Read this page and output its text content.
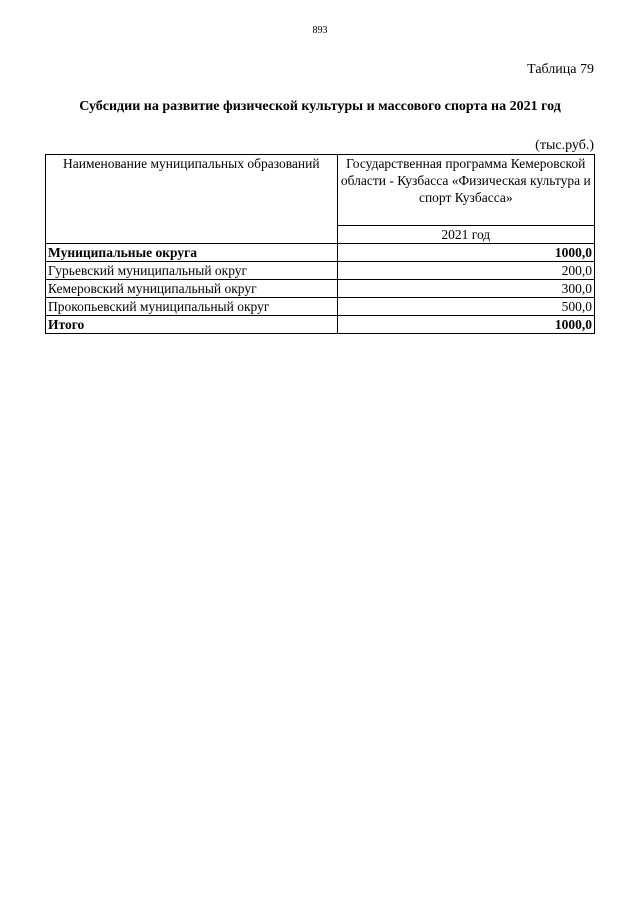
893
Таблица 79
Субсидии на развитие физической культуры и массового спорта на 2021 год
(тыс.руб.)
Наименование муниципальных образований	Государственная программа Кемеровской области - Кузбасса «Физическая культура и спорт Кузбасса»
	2021 год
Муниципальные округа	1000,0
Гурьевский муниципальный округ	200,0
Кемеровский муниципальный округ	300,0
Прокопьевский муниципальный округ	500,0
Итого	1000,0
